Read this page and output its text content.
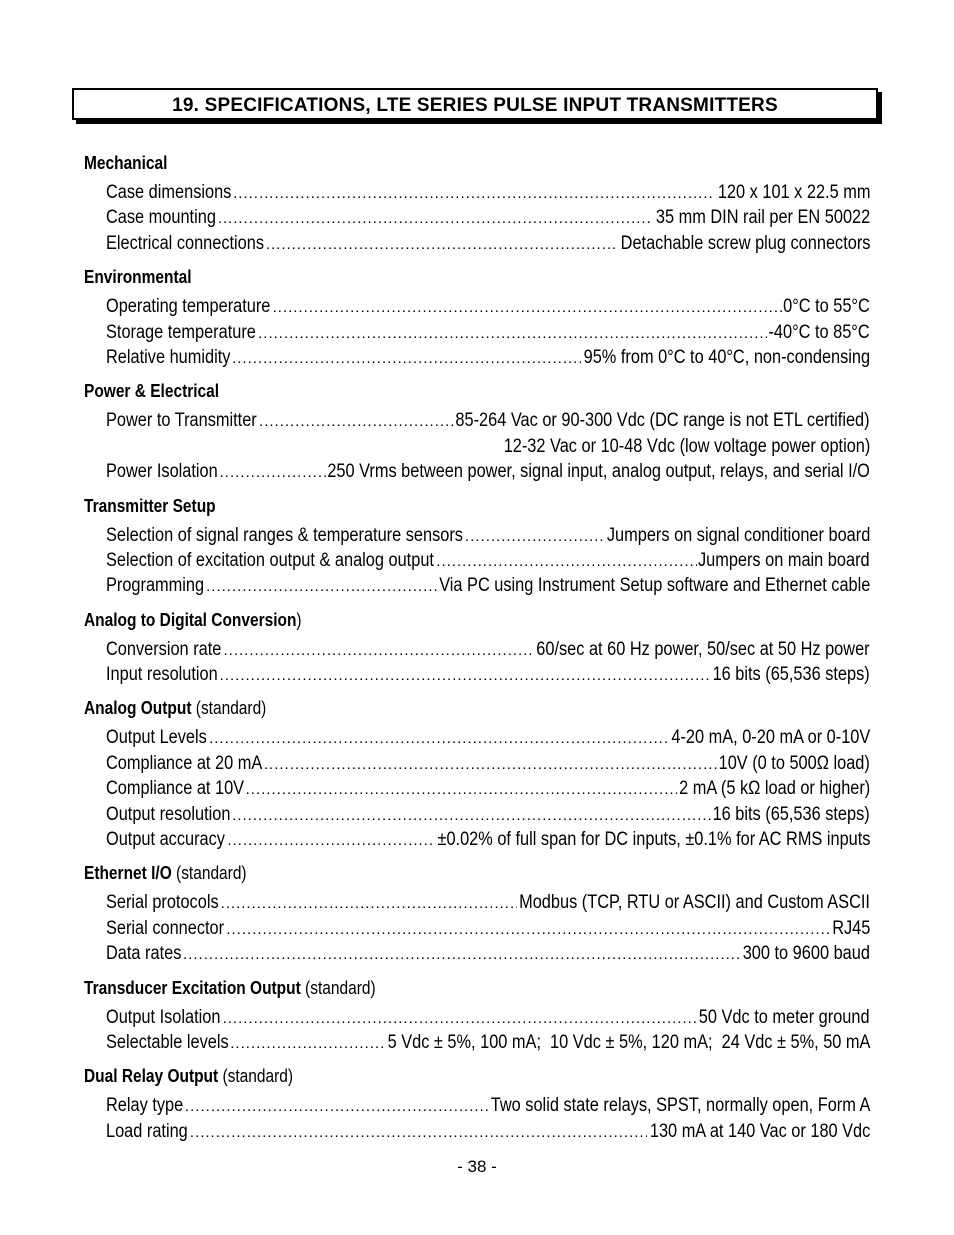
19. SPECIFICATIONS, LTE SERIES PULSE INPUT TRANSMITTERS
Mechanical
Case dimensions .....	120 x 101 x 22.5 mm
Case mounting .....	35 mm DIN rail per EN 50022
Electrical connections .....	Detachable screw plug connectors
Environmental
Operating temperature .....	0°C to 55°C
Storage temperature .....	-40°C to 85°C
Relative humidity .....	95% from 0°C to 40°C, non-condensing
Power & Electrical
Power to Transmitter .....	85-264 Vac or 90-300 Vdc (DC range is not ETL certified)
12-32 Vac or 10-48 Vdc (low voltage power option)
Power Isolation .....	250 Vrms between power, signal input, analog output, relays, and serial I/O
Transmitter Setup
Selection of signal ranges & temperature sensors .....	Jumpers on signal conditioner board
Selection of excitation output & analog output .....	Jumpers on main board
Programming .....	Via PC using Instrument Setup software and Ethernet cable
Analog to Digital Conversion)
Conversion rate .....	60/sec at 60 Hz power, 50/sec at 50 Hz power
Input resolution .....	16 bits (65,536 steps)
Analog Output (standard)
Output Levels .....	4-20 mA, 0-20 mA or 0-10V
Compliance at 20 mA .....	10V (0 to 500Ω load)
Compliance at 10V .....	2 mA (5 kΩ load or higher)
Output resolution .....	16 bits (65,536 steps)
Output accuracy .....	±0.02% of full span for DC inputs, ±0.1% for AC RMS inputs
Ethernet I/O (standard)
Serial protocols .....	Modbus (TCP, RTU or ASCII) and Custom ASCII
Serial connector .....	RJ45
Data rates .....	300 to 9600 baud
Transducer Excitation Output (standard)
Output Isolation .....	50 Vdc to meter ground
Selectable levels .....	5 Vdc ± 5%, 100 mA;  10 Vdc ± 5%, 120 mA;  24 Vdc ± 5%, 50 mA
Dual Relay Output (standard)
Relay type .....	Two solid state relays, SPST, normally open, Form A
Load rating .....	130 mA at 140 Vac or 180 Vdc
- 38 -
